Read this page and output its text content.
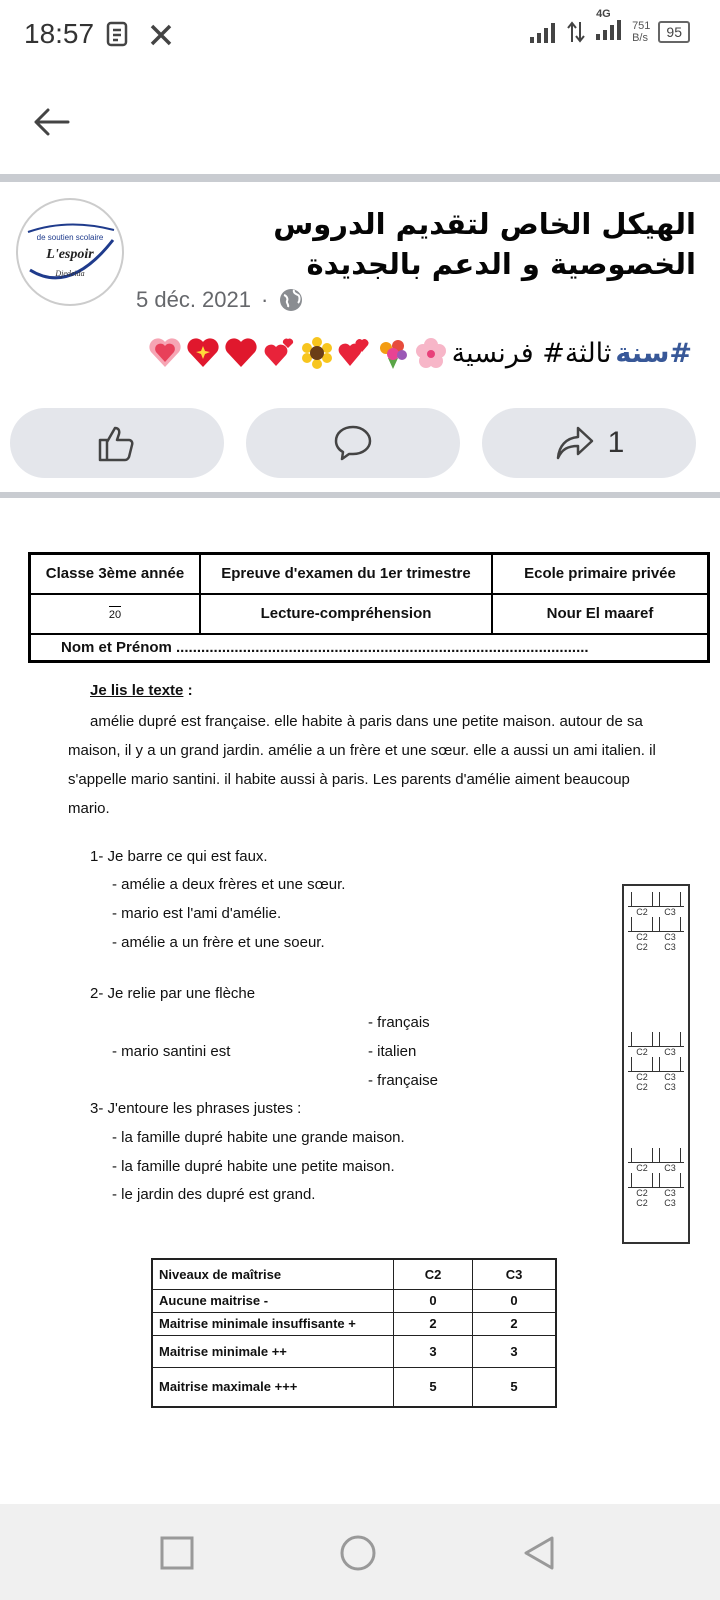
18:57
4G
751
B/s	95
de soutien scolaire
L'espoir
Djedeida
الهيكل الخاص لتقديم الدروس الخصوصية و الدعم بالجديدة
5 déc. 2021 ·
#سنة
ثالثة# فرنسية
1
Classe 3ème année	Epreuve d'examen du 1er trimestre	Ecole primaire privée
20	Lecture-compréhension	Nour El maaref
Nom et Prénom ...................................................................................................		
Je lis le texte :
amélie dupré est française. elle habite à paris dans une petite maison. autour de sa maison, il y a un grand jardin. amélie a un frère et une sœur. elle a aussi un ami italien. il s'appelle mario santini. il habite aussi à paris. Les parents d'amélie aiment beaucoup mario.
1- Je barre ce qui est faux.
- amélie a deux frères et une sœur.
- mario est l'ami d'amélie.
- amélie a un frère et une soeur.
2- Je relie par une flèche
- français
- mario santini est	- italien
- française
3- J'entoure les phrases justes :
- la famille dupré habite une grande maison.
- la famille dupré habite une petite maison.
- le jardin des dupré est grand.
C2 C3
C2 C3
C2 C3
C2 C3
C2 C3
C2 C3
C2 C3
C2 C3
C2 C3
Niveaux de maîtrise	C2	C3
Aucune maitrise -	0	0
Maitrise minimale insuffisante +	2	2
Maitrise minimale ++	3	3
Maitrise maximale +++	5	5
